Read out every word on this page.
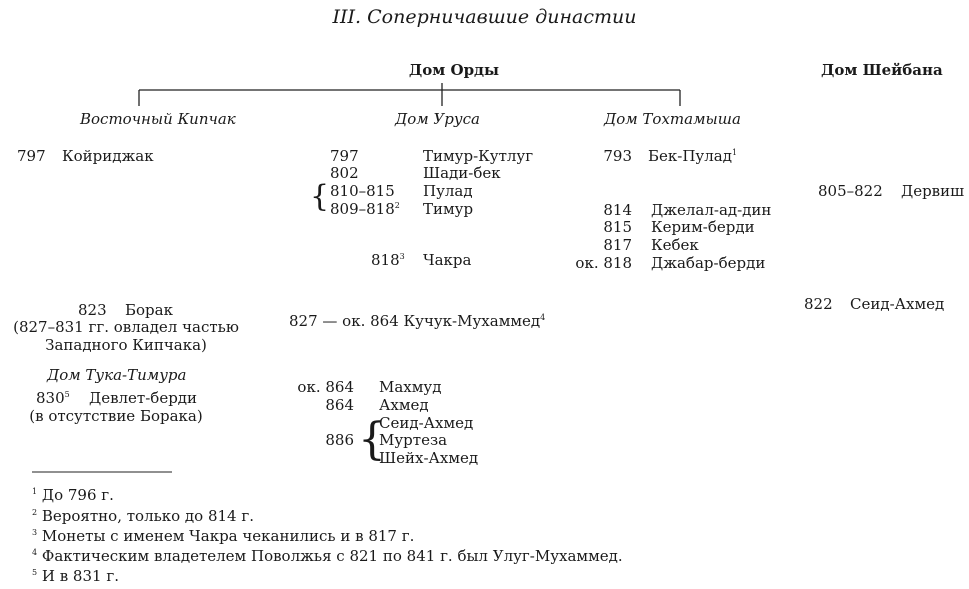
III. Соперничавшие династии
Дом Орды	Дом Шейбана
Восточный Кипчак	Дом Уруса	Дом Тохтамыша
797 Койриджак
823 Борак
(827–831 гг. овладел частью
Западного Кипчака)
Дом Тука-Тимура
$830^5$ Девлет-берди
(в отсутствие Борака)
797	Тимур-Кутлуг
802	Шади-бек
{ 810–815 Пулад
$809-818^2$ Тимур
$818^3$ Чакра
827 — ок. 864 Кучук-Мухаммед$^4$
ок. 864 Махмуд
864 Ахмед
886 {
Сеид-Ахмед
Муртеза
Шейх-Ахмед
793 Бек-Пулад$^1$
814 Джелал-ад-дин
815 Керим-берди
817 Кебек
ок. 818 Джабар-берди
805–822 Дервиш
822 Сеид-Ахмед
$^1$ До 796 г.
$^2$ Вероятно, только до 814 г.
$^3$ Монеты с именем Чакра чеканились и в 817 г.
$^4$ Фактическим владетелем Поволжья с 821 по 841 г. был Улуг-Мухаммед.
$^5$ И в 831 г.
